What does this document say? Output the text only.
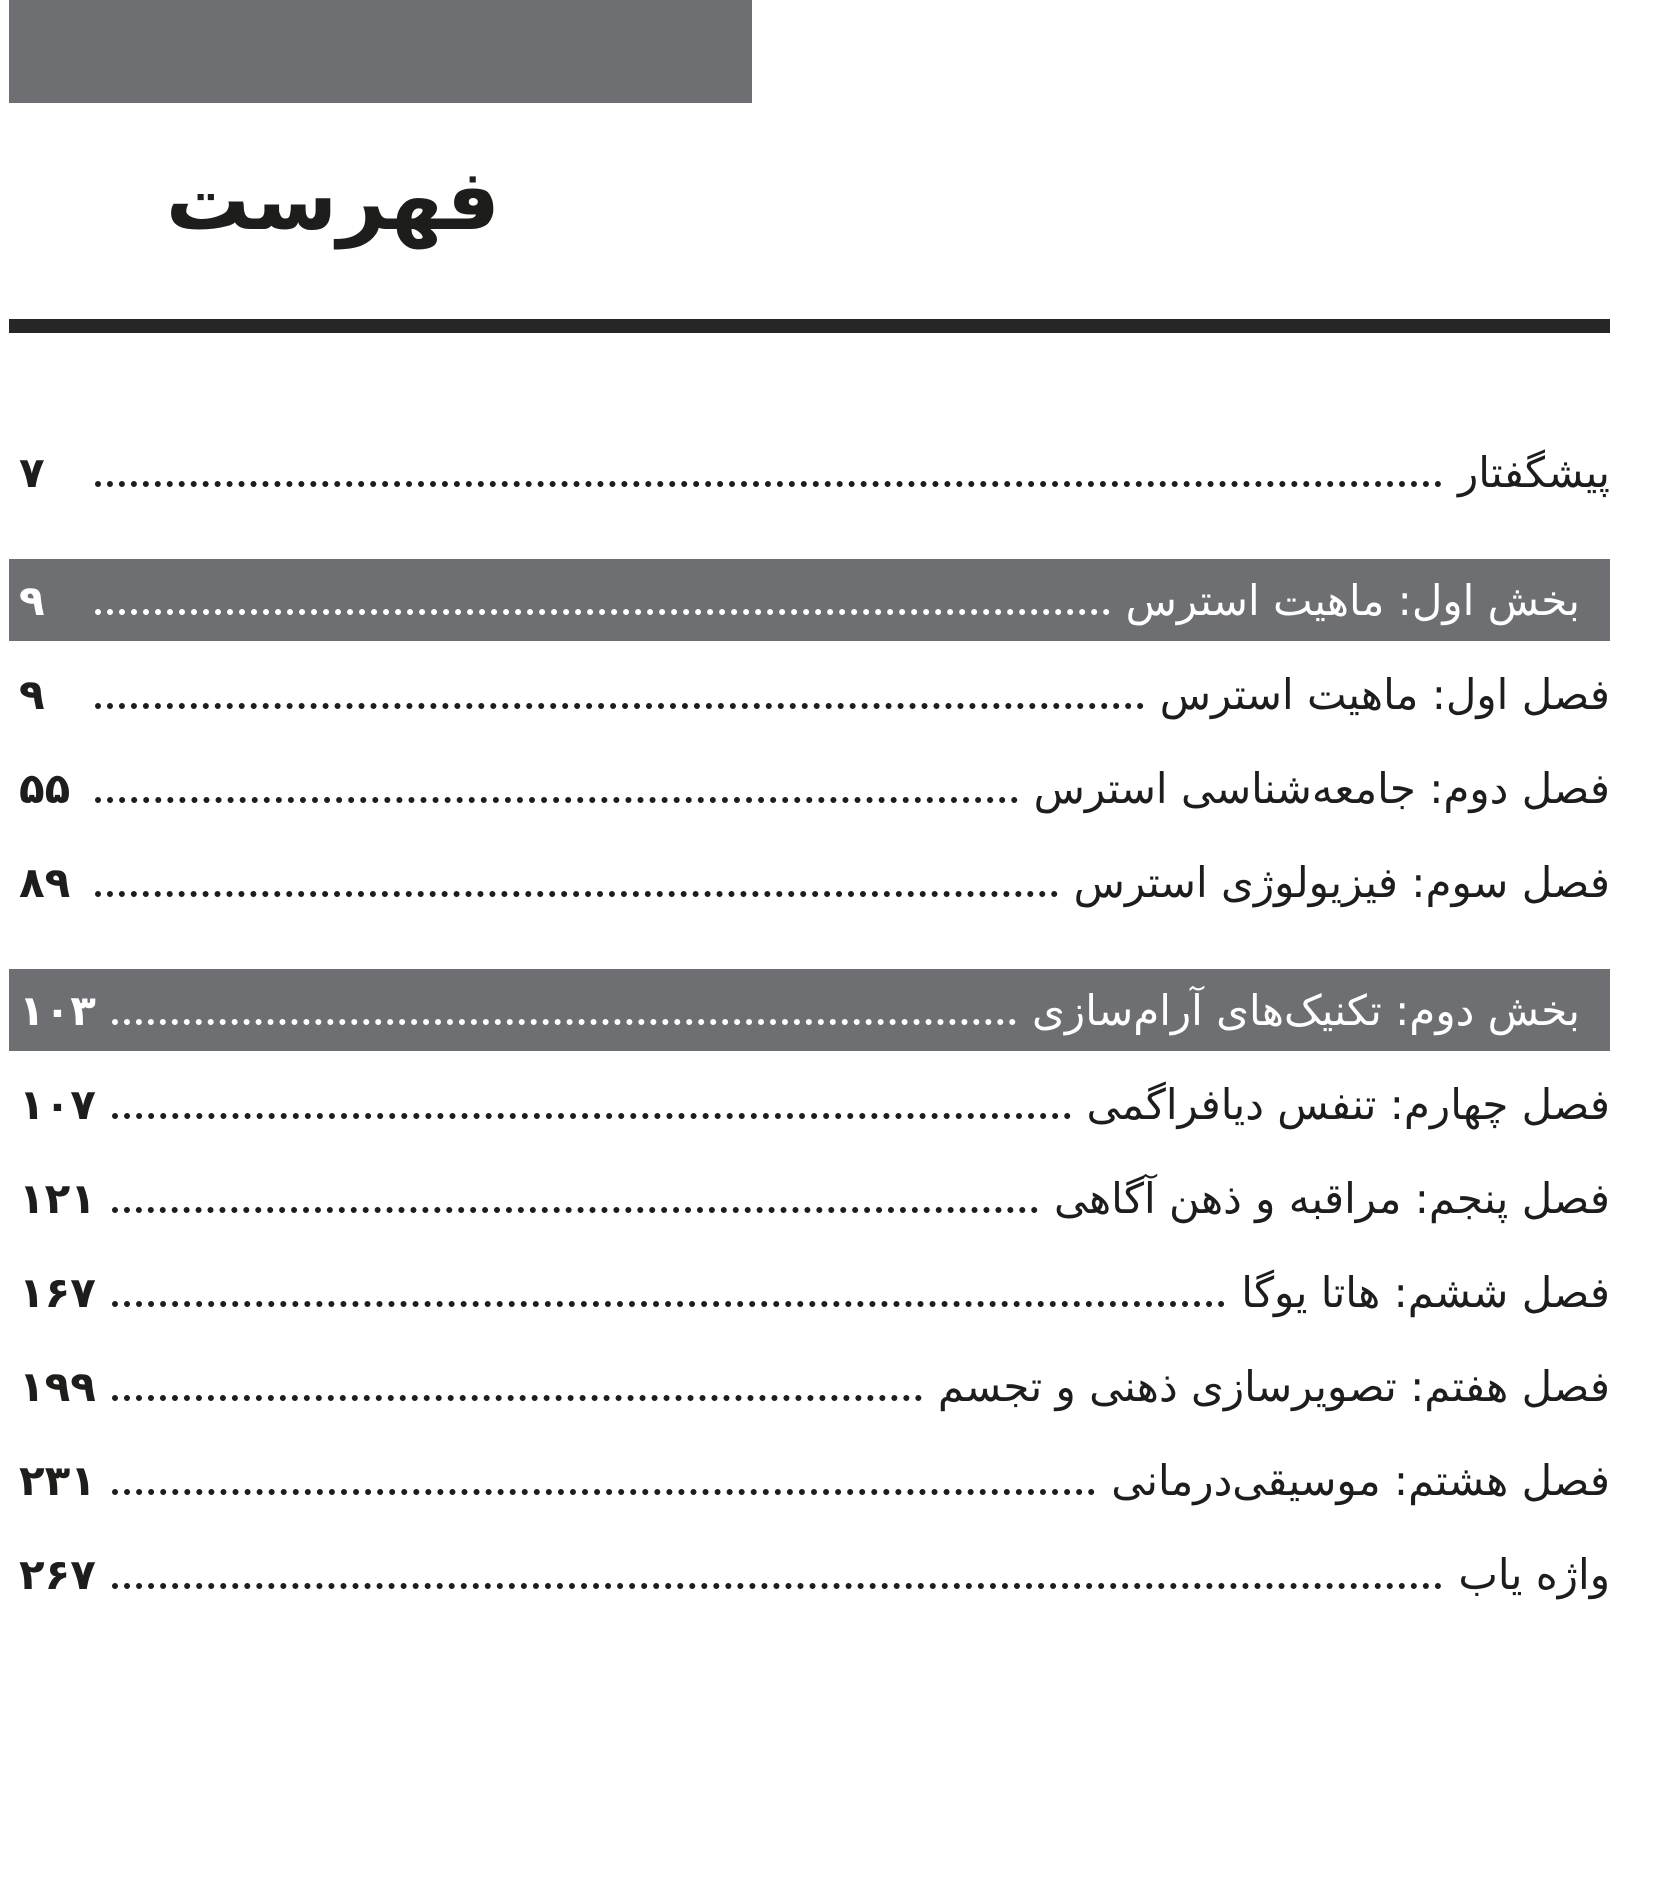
فهرست
پیشگفتار
۷
بخش اول: ماهیت استرس
۹
فصل اول: ماهیت استرس
۹
فصل دوم: جامعه‌شناسی استرس
۵۵
فصل سوم: فیزیولوژی استرس
۸۹
بخش دوم: تکنیک‌های آرام‌سازی
۱۰۳
فصل چهارم: تنفس دیافراگمی
۱۰۷
فصل پنجم: مراقبه و ذهن آگاهی
۱۲۱
فصل ششم: هاتا یوگا
۱۶۷
فصل هفتم: تصویرسازی ذهنی و تجسم
۱۹۹
فصل هشتم: موسیقی‌درمانی
۲۳۱
واژه یاب
۲۶۷
